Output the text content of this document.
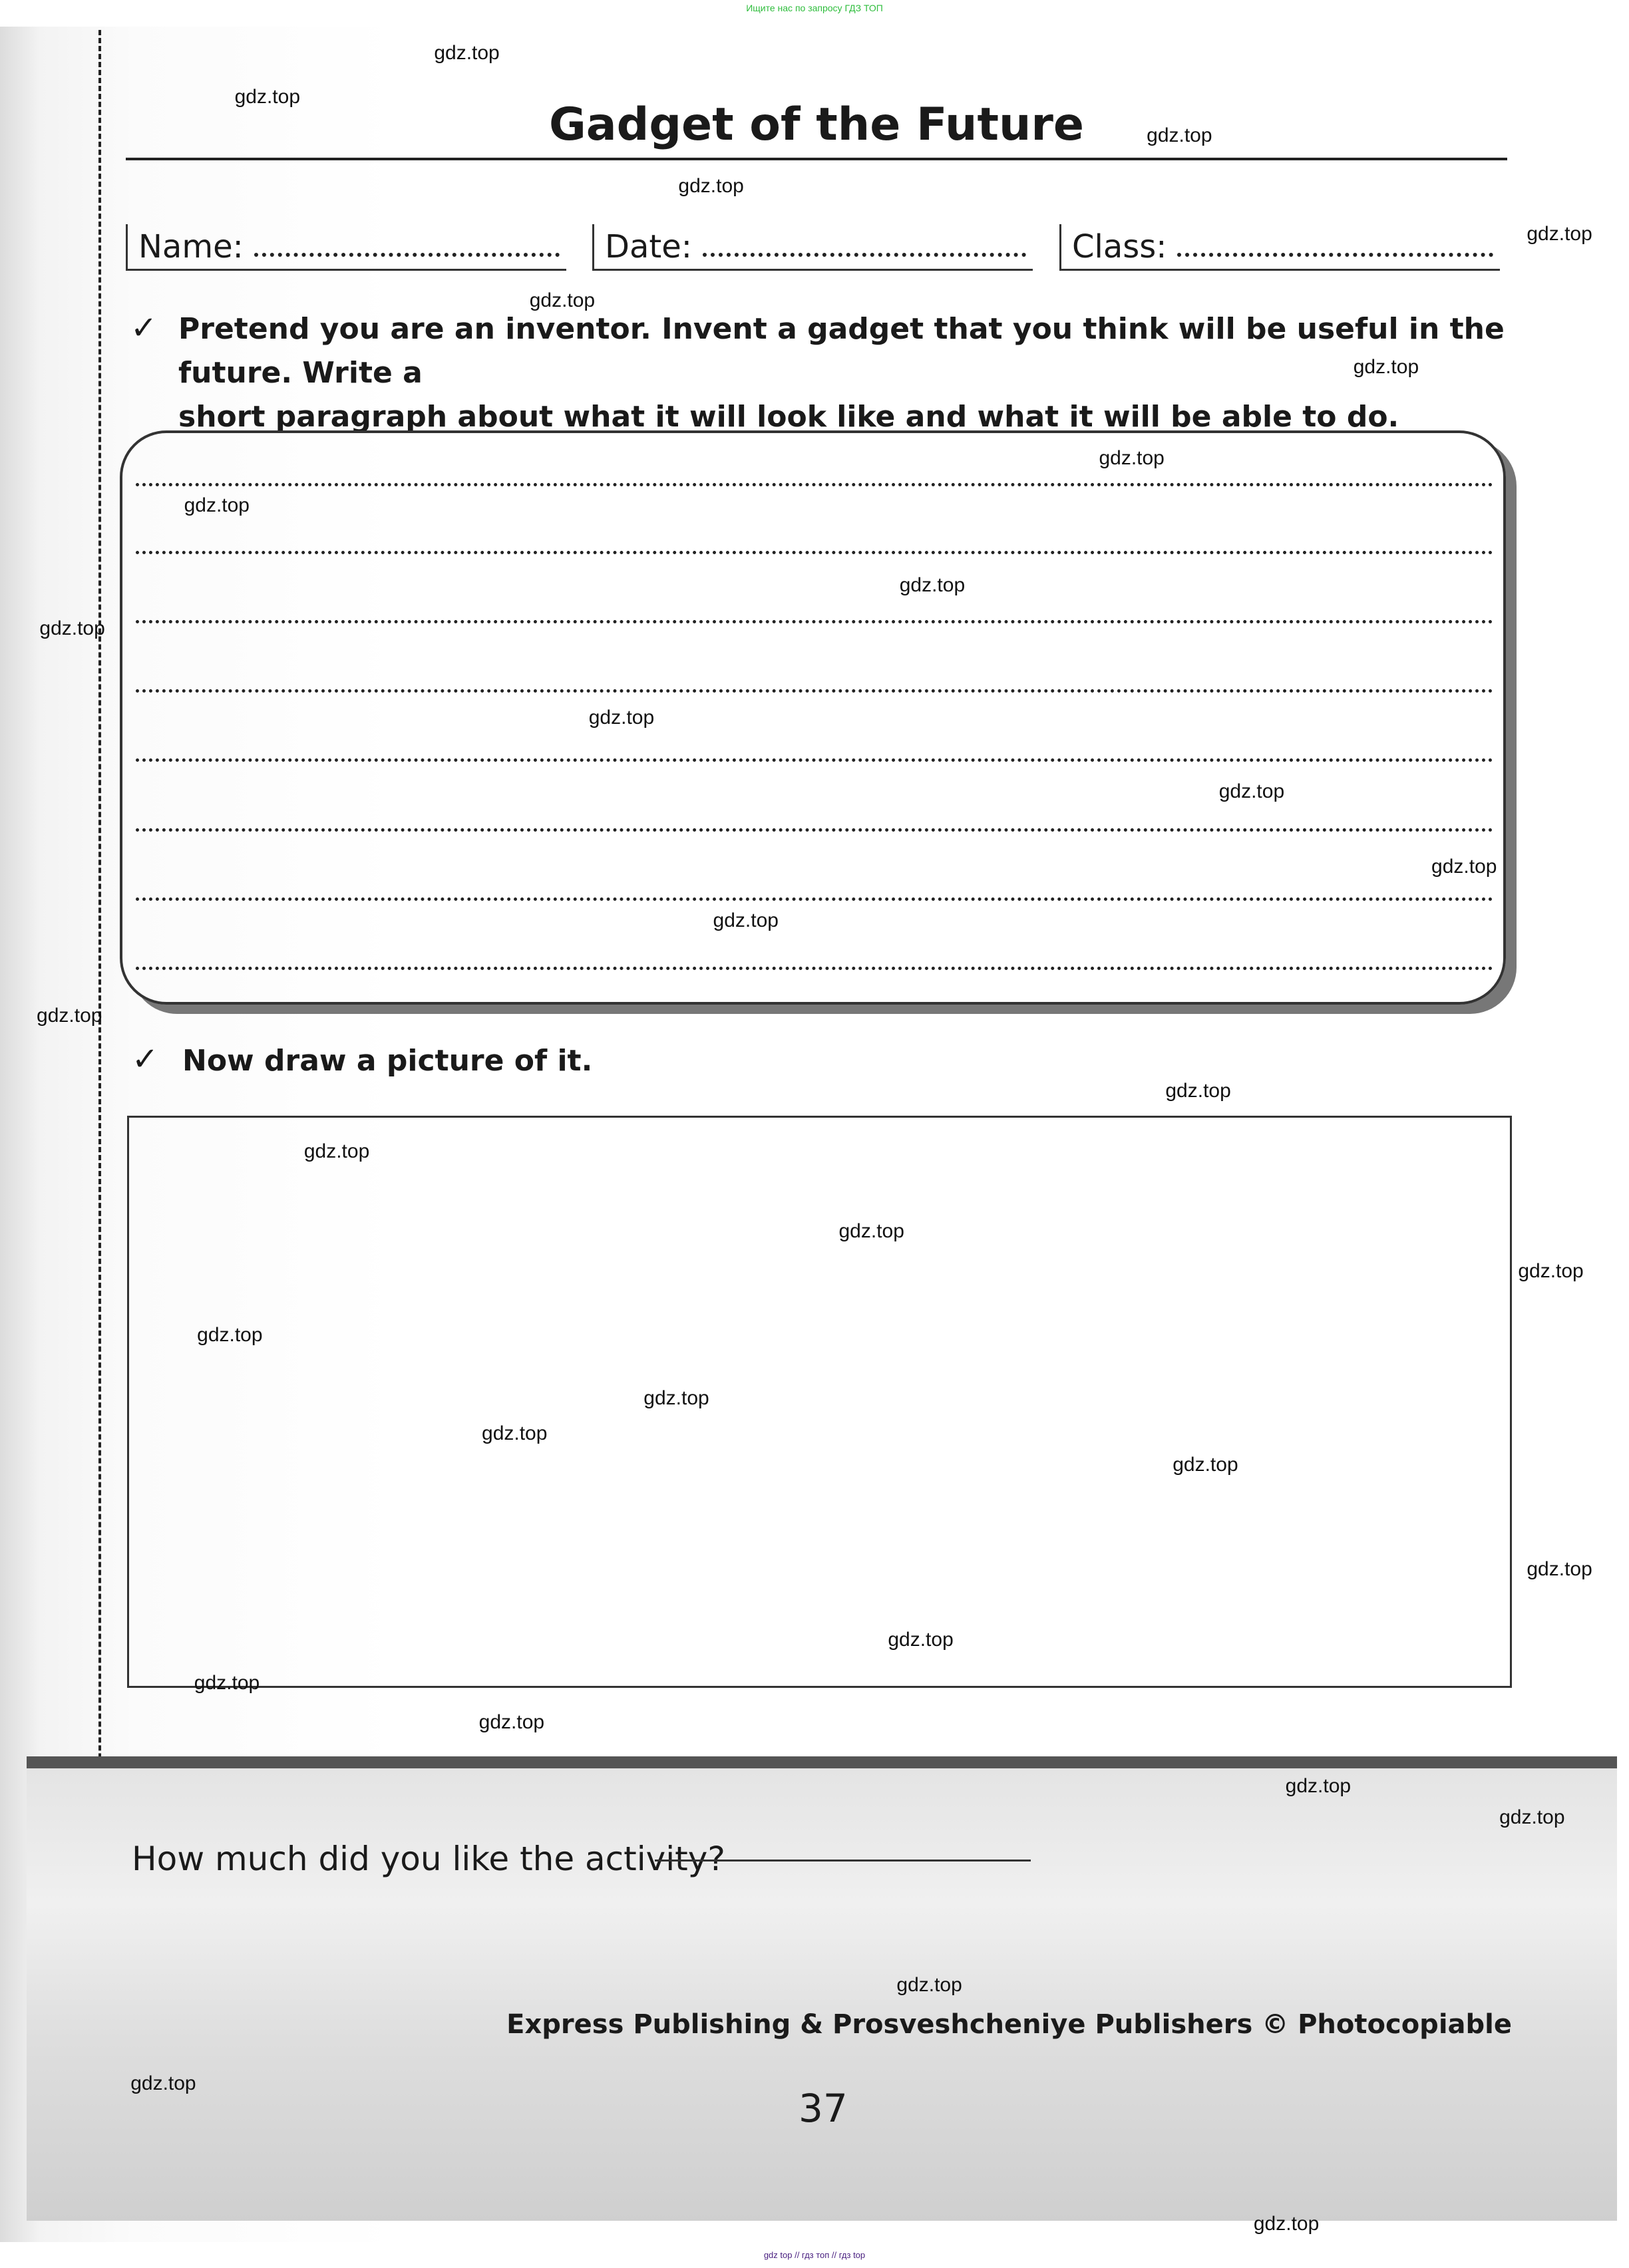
Ищите нас по запросу ГДЗ ТОП
Gadget of the Future
Name:	Date:	Class:
✓ Pretend you are an inventor. Invent a gadget that you think will be useful in the future. Write a
short paragraph about what it will look like and what it will be able to do.
✓ Now draw a picture of it.
How much did you like the activity?
Express Publishing & Prosveshcheniye Publishers © Photocopiable
37
gdz.top
gdz.top
gdz.top
gdz.top
gdz.top
gdz.top
gdz.top
gdz.top
gdz.top
gdz.top
gdz.top
gdz.top
gdz.top
gdz.top
gdz.top
gdz.top
gdz.top
gdz.top
gdz.top
gdz.top
gdz.top
gdz.top
gdz.top
gdz.top
gdz.top
gdz.top
gdz.top
gdz.top
gdz.top
gdz.top
gdz.top
gdz.top
gdz.top
gdz top // гдз топ // гдз top
